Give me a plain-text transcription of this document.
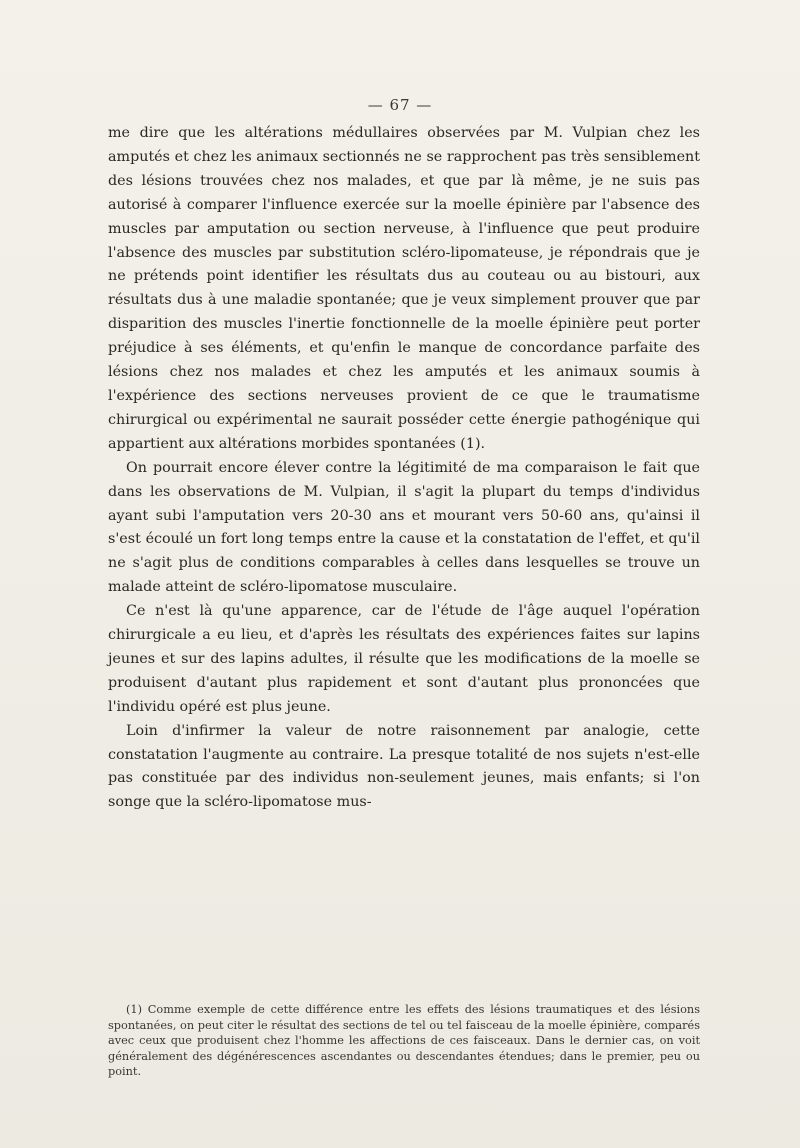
— 67 —

me dire que les altérations médullaires observées par M. Vulpian chez les amputés et chez les animaux sectionnés ne se rapprochent pas très sensiblement des lésions trouvées chez nos malades, et que par là même, je ne suis pas autorisé à comparer l'influence exercée sur la moelle épinière par l'absence des muscles par amputation ou section nerveuse, à l'influence que peut produire l'absence des muscles par substitution scléro-lipomateuse, je répondrais que je ne prétends point identifier les résultats dus au couteau ou au bistouri, aux résultats dus à une maladie spontanée; que je veux simplement prouver que par disparition des muscles l'inertie fonctionnelle de la moelle épinière peut porter préjudice à ses éléments, et qu'enfin le manque de concordance parfaite des lésions chez nos malades et chez les amputés et les animaux soumis à l'expérience des sections nerveuses provient de ce que le traumatisme chirurgical ou expérimental ne saurait posséder cette énergie pathogénique qui appartient aux altérations morbides spontanées (1).

On pourrait encore élever contre la légitimité de ma comparaison le fait que dans les observations de M. Vulpian, il s'agit la plupart du temps d'individus ayant subi l'amputation vers 20-30 ans et mourant vers 50-60 ans, qu'ainsi il s'est écoulé un fort long temps entre la cause et la constatation de l'effet, et qu'il ne s'agit plus de conditions comparables à celles dans lesquelles se trouve un malade atteint de scléro-lipomatose musculaire.

Ce n'est là qu'une apparence, car de l'étude de l'âge auquel l'opération chirurgicale a eu lieu, et d'après les résultats des expériences faites sur lapins jeunes et sur des lapins adultes, il résulte que les modifications de la moelle se produisent d'autant plus rapidement et sont d'autant plus prononcées que l'individu opéré est plus jeune.

Loin d'infirmer la valeur de notre raisonnement par analogie, cette constatation l'augmente au contraire. La presque totalité de nos sujets n'est-elle pas constituée par des individus non-seulement jeunes, mais enfants; si l'on songe que la scléro-lipomatose mus-

(1) Comme exemple de cette différence entre les effets des lésions traumatiques et des lésions spontanées, on peut citer le résultat des sections de tel ou tel faisceau de la moelle épinière, comparés avec ceux que produisent chez l'homme les affections de ces faisceaux. Dans le dernier cas, on voit généralement des dégénérescences ascendantes ou descendantes étendues; dans le premier, peu ou point.
